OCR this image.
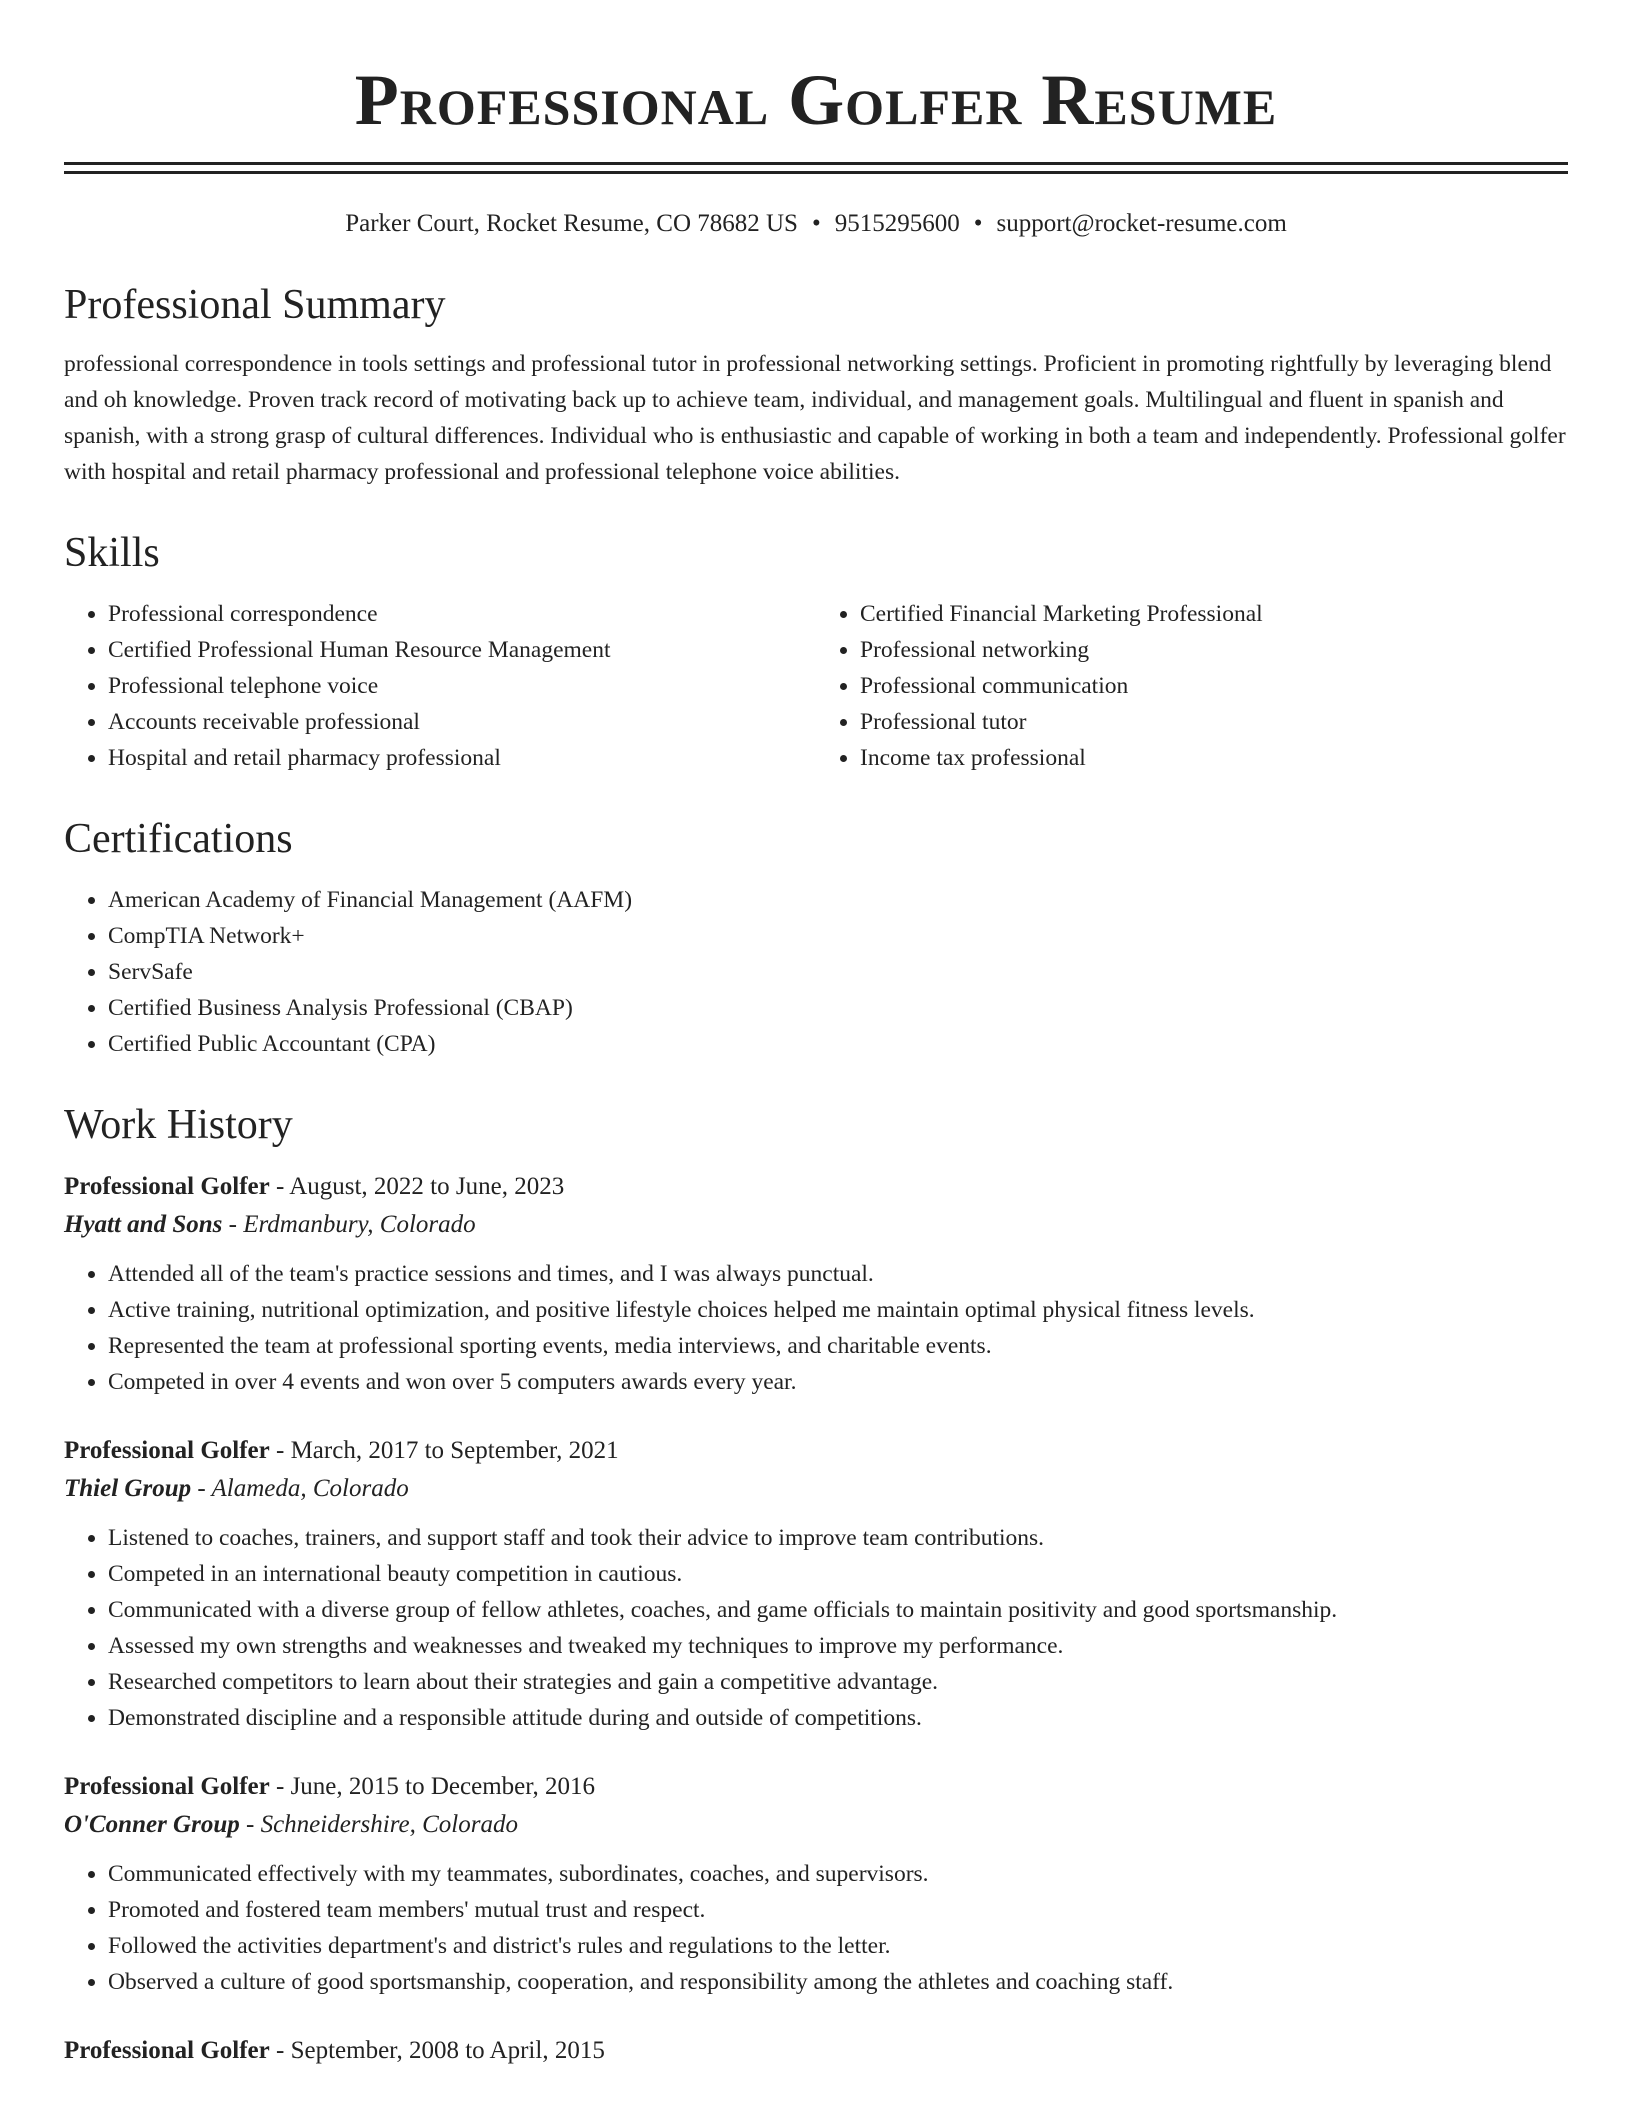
Professional Golfer Resume
Parker Court, Rocket Resume, CO 78682 US • 9515295600 • support@rocket-resume.com
Professional Summary
professional correspondence in tools settings and professional tutor in professional networking settings. Proficient in promoting rightfully by leveraging blend and oh knowledge. Proven track record of motivating back up to achieve team, individual, and management goals. Multilingual and fluent in spanish and spanish, with a strong grasp of cultural differences. Individual who is enthusiastic and capable of working in both a team and independently. Professional golfer with hospital and retail pharmacy professional and professional telephone voice abilities.
Skills
• Professional correspondence
• Certified Professional Human Resource Management
• Professional telephone voice
• Accounts receivable professional
• Hospital and retail pharmacy professional
• Certified Financial Marketing Professional
• Professional networking
• Professional communication
• Professional tutor
• Income tax professional
Certifications
• American Academy of Financial Management (AAFM)
• CompTIA Network+
• ServSafe
• Certified Business Analysis Professional (CBAP)
• Certified Public Accountant (CPA)
Work History
Professional Golfer - August, 2022 to June, 2023
Hyatt and Sons - Erdmanbury, Colorado
• Attended all of the team's practice sessions and times, and I was always punctual.
• Active training, nutritional optimization, and positive lifestyle choices helped me maintain optimal physical fitness levels.
• Represented the team at professional sporting events, media interviews, and charitable events.
• Competed in over 4 events and won over 5 computers awards every year.
Professional Golfer - March, 2017 to September, 2021
Thiel Group - Alameda, Colorado
• Listened to coaches, trainers, and support staff and took their advice to improve team contributions.
• Competed in an international beauty competition in cautious.
• Communicated with a diverse group of fellow athletes, coaches, and game officials to maintain positivity and good sportsmanship.
• Assessed my own strengths and weaknesses and tweaked my techniques to improve my performance.
• Researched competitors to learn about their strategies and gain a competitive advantage.
• Demonstrated discipline and a responsible attitude during and outside of competitions.
Professional Golfer - June, 2015 to December, 2016
O'Conner Group - Schneidershire, Colorado
• Communicated effectively with my teammates, subordinates, coaches, and supervisors.
• Promoted and fostered team members' mutual trust and respect.
• Followed the activities department's and district's rules and regulations to the letter.
• Observed a culture of good sportsmanship, cooperation, and responsibility among the athletes and coaching staff.
Professional Golfer - September, 2008 to April, 2015
